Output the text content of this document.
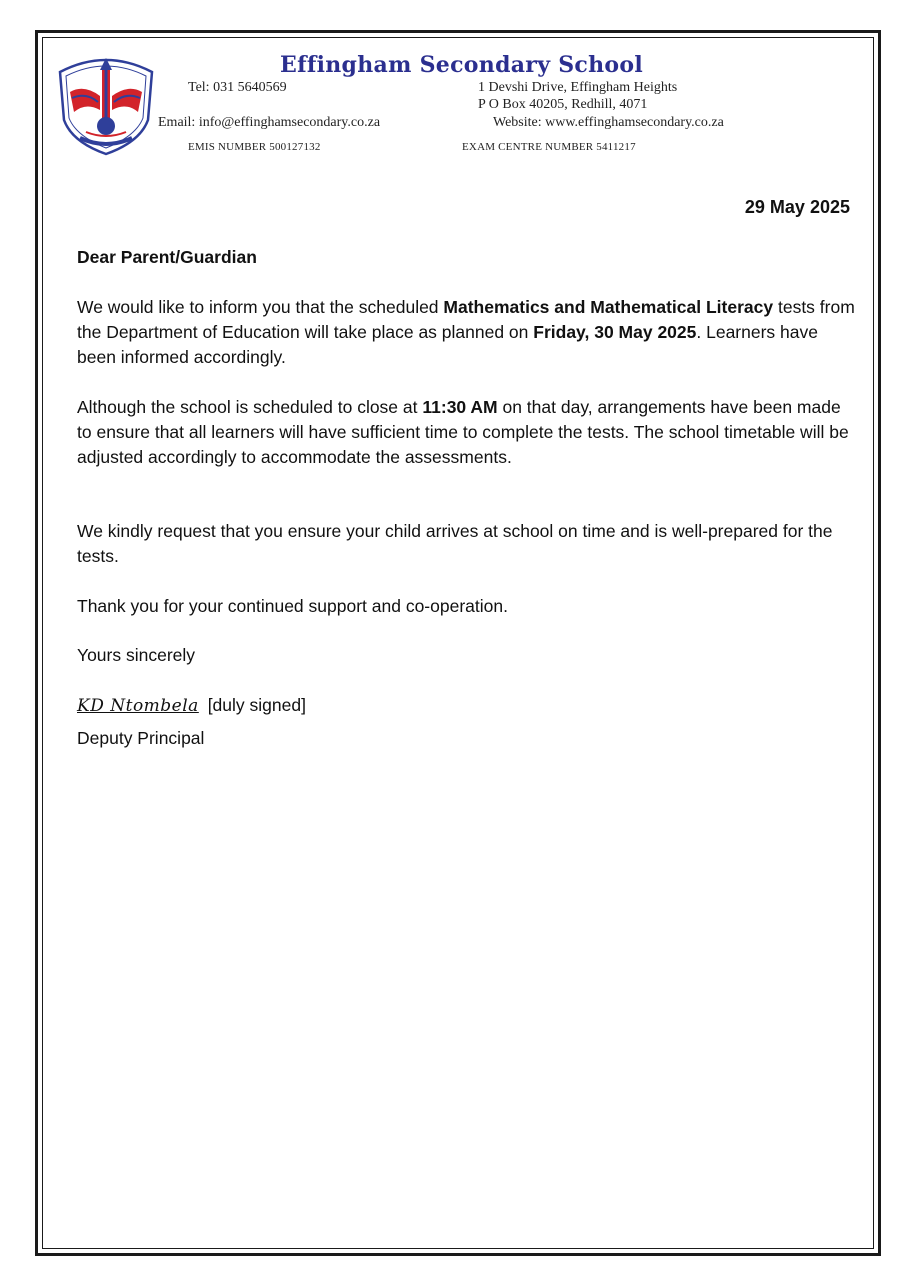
Effingham Secondary School
Tel: 031 5640569	1 Devshi Drive, Effingham Heights
P O Box 40205, Redhill, 4071
Email: info@effinghamsecondary.co.za	Website: www.effinghamsecondary.co.za
EMIS NUMBER 500127132	EXAM CENTRE NUMBER 5411217
29 May 2025
Dear Parent/Guardian
We would like to inform you that the scheduled Mathematics and Mathematical Literacy tests from the Department of Education will take place as planned on Friday, 30 May 2025. Learners have been informed accordingly.
Although the school is scheduled to close at 11:30 AM on that day, arrangements have been made to ensure that all learners will have sufficient time to complete the tests. The school timetable will be adjusted accordingly to accommodate the assessments.
We kindly request that you ensure your child arrives at school on time and is well-prepared for the tests.
Thank you for your continued support and co-operation.
Yours sincerely
KD Ntombela [duly signed]
Deputy Principal
